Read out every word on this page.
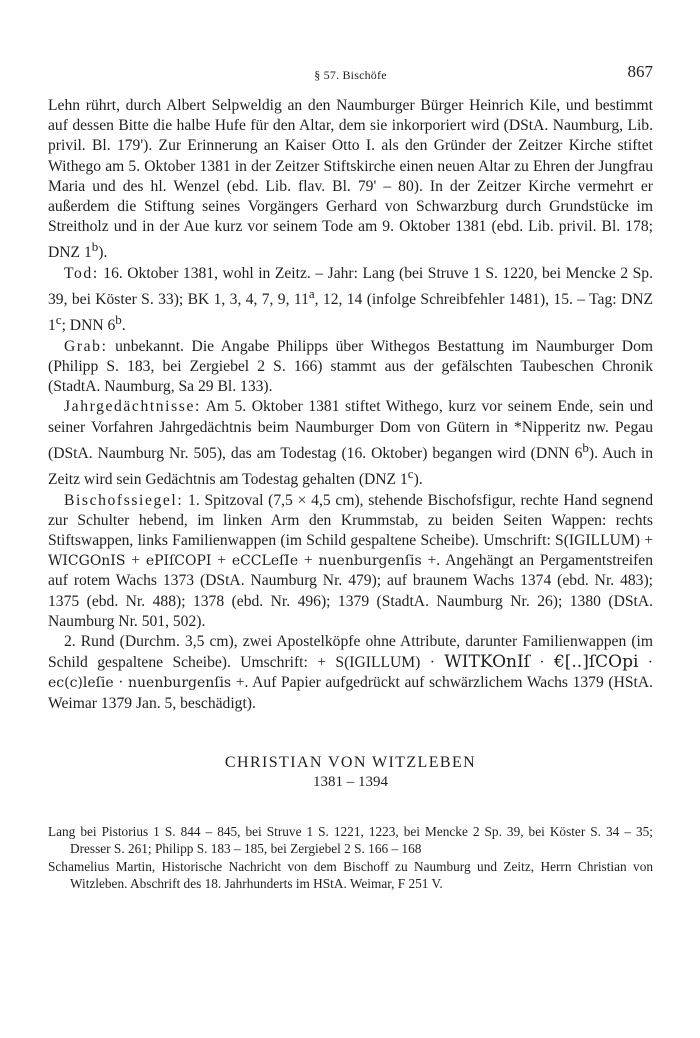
§ 57. Bischöfe	867

Lehn rührt, durch Albert Selpweldig an den Naumburger Bürger Heinrich Kile, und bestimmt auf dessen Bitte die halbe Hufe für den Altar, dem sie inkorporiert wird (DStA. Naumburg, Lib. privil. Bl. 179'). Zur Erinnerung an Kaiser Otto I. als den Gründer der Zeitzer Kirche stiftet Withego am 5. Oktober 1381 in der Zeitzer Stiftskirche einen neuen Altar zu Ehren der Jungfrau Maria und des hl. Wenzel (ebd. Lib. flav. Bl. 79' – 80). In der Zeitzer Kirche vermehrt er außerdem die Stiftung seines Vorgängers Gerhard von Schwarzburg durch Grundstücke im Streitholz und in der Aue kurz vor seinem Tode am 9. Oktober 1381 (ebd. Lib. privil. Bl. 178; DNZ 1$^b$).

Tod: 16. Oktober 1381, wohl in Zeitz. – Jahr: Lang (bei Struve 1 S. 1220, bei Mencke 2 Sp. 39, bei Köster S. 33); BK 1, 3, 4, 7, 9, 11$^a$, 12, 14 (infolge Schreibfehler 1481), 15. – Tag: DNZ 1$^c$; DNN 6$^b$.

Grab: unbekannt. Die Angabe Philipps über Withegos Bestattung im Naumburger Dom (Philipp S. 183, bei Zergiebel 2 S. 166) stammt aus der gefälschten Taubeschen Chronik (StadtA. Naumburg, Sa 29 Bl. 133).

Jahrgedächtnisse: Am 5. Oktober 1381 stiftet Withego, kurz vor seinem Ende, sein und seiner Vorfahren Jahrgedächtnis beim Naumburger Dom von Gütern in *Nipperitz nw. Pegau (DStA. Naumburg Nr. 505), das am Todestag (16. Oktober) begangen wird (DNN 6$^b$). Auch in Zeitz wird sein Gedächtnis am Todestag gehalten (DNZ 1$^c$).

Bischofssiegel: 1. Spitzoval (7,5 × 4,5 cm), stehende Bischofsfigur, rechte Hand segnend zur Schulter hebend, im linken Arm den Krummstab, zu beiden Seiten Wappen: rechts Stiftswappen, links Familienwappen (im Schild gespaltene Scheibe). Umschrift: S(IGILLUM) + WICGOnIS + ePIſCOPI + eCCLeſIe + nuenburgenſis +. Angehängt an Pergamentstreifen auf rotem Wachs 1373 (DStA. Naumburg Nr. 479); auf braunem Wachs 1374 (ebd. Nr. 483); 1375 (ebd. Nr. 488); 1378 (ebd. Nr. 496); 1379 (StadtA. Naumburg Nr. 26); 1380 (DStA. Naumburg Nr. 501, 502).

2. Rund (Durchm. 3,5 cm), zwei Apostelköpfe ohne Attribute, darunter Familienwappen (im Schild gespaltene Scheibe). Umschrift: + S(IGILLUM) · WITKOnIſ · €[..]ſCOpi · ec(c)leſie · nuenburgenſis +. Auf Papier aufgedrückt auf schwärzlichem Wachs 1379 (HStA. Weimar 1379 Jan. 5, beschädigt).

CHRISTIAN VON WITZLEBEN
1381 – 1394

Lang bei Pistorius 1 S. 844 – 845, bei Struve 1 S. 1221, 1223, bei Mencke 2 Sp. 39, bei Köster S. 34 – 35; Dresser S. 261; Philipp S. 183 – 185, bei Zergiebel 2 S. 166 – 168

Schamelius Martin, Historische Nachricht von dem Bischoff zu Naumburg und Zeitz, Herrn Christian von Witzleben. Abschrift des 18. Jahrhunderts im HStA. Weimar, F 251 V.
